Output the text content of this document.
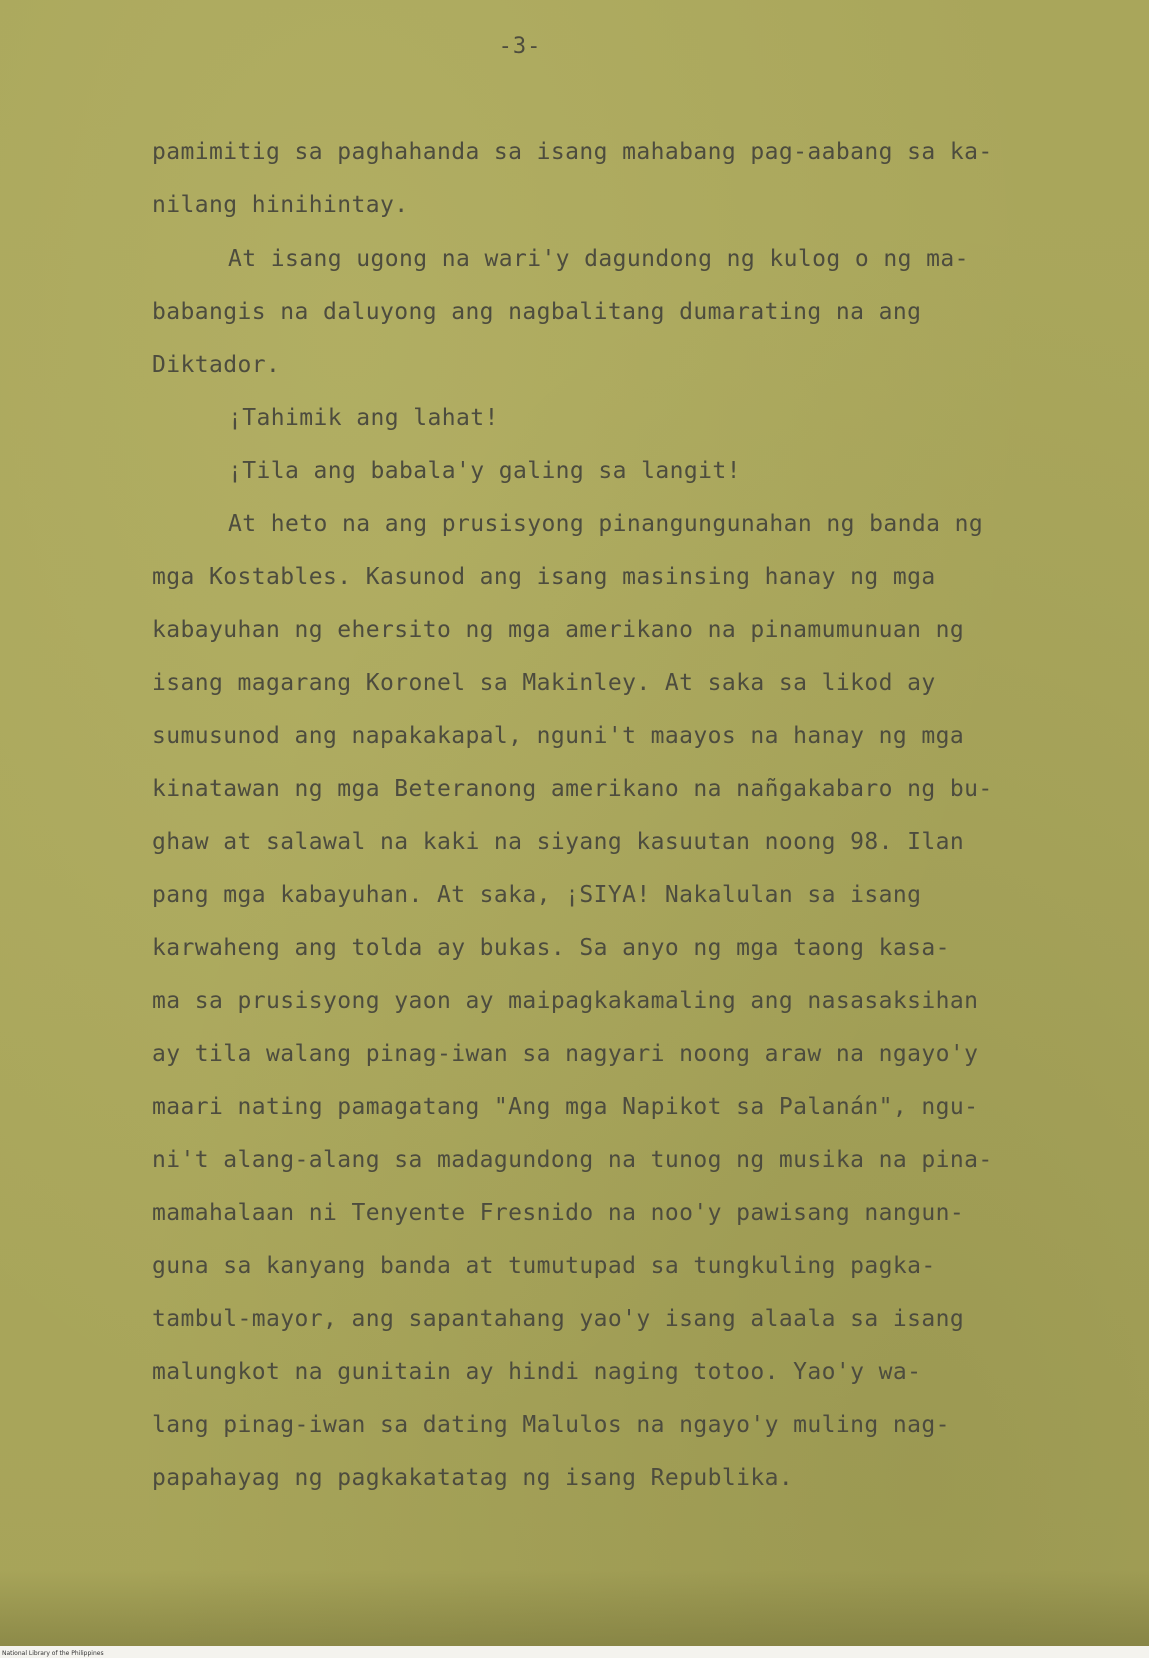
-3-
pamimitig sa paghahanda sa isang mahabang pag-aabang sa ka-
nilang hinihintay.
At isang ugong na wari'y dagundong ng kulog o ng ma-
babangis na daluyong ang nagbalitang dumarating na ang
Diktador.
¡Tahimik ang lahat!
¡Tila ang babala'y galing sa langit!
At heto na ang prusisyong pinangungunahan ng banda ng
mga Kostables. Kasunod ang isang masinsing hanay ng mga
kabayuhan ng ehersito ng mga amerikano na pinamumunuan ng
isang magarang Koronel sa Makinley. At saka sa likod ay
sumusunod ang napakakapal, nguni't maayos na hanay ng mga
kinatawan ng mga Beteranong amerikano na nañgakabaro ng bu-
ghaw at salawal na kaki na siyang kasuutan noong 98. Ilan
pang mga kabayuhan. At saka, ¡SIYA! Nakalulan sa isang
karwaheng ang tolda ay bukas. Sa anyo ng mga taong kasa-
ma sa prusisyong yaon ay maipagkakamaling ang nasasaksihan
ay tila walang pinag-iwan sa nagyari noong araw na ngayo'y
maari nating pamagatang "Ang mga Napikot sa Palanán", ngu-
ni't alang-alang sa madagundong na tunog ng musika na pina-
mamahalaan ni Tenyente Fresnido na noo'y pawisang nangun-
guna sa kanyang banda at tumutupad sa tungkuling pagka-
tambul-mayor, ang sapantahang yao'y isang alaala sa isang
malungkot na gunitain ay hindi naging totoo. Yao'y wa-
lang pinag-iwan sa dating Malulos na ngayo'y muling nag-
papahayag ng pagkakatatag ng isang Republika.
National Library of the Philippines
